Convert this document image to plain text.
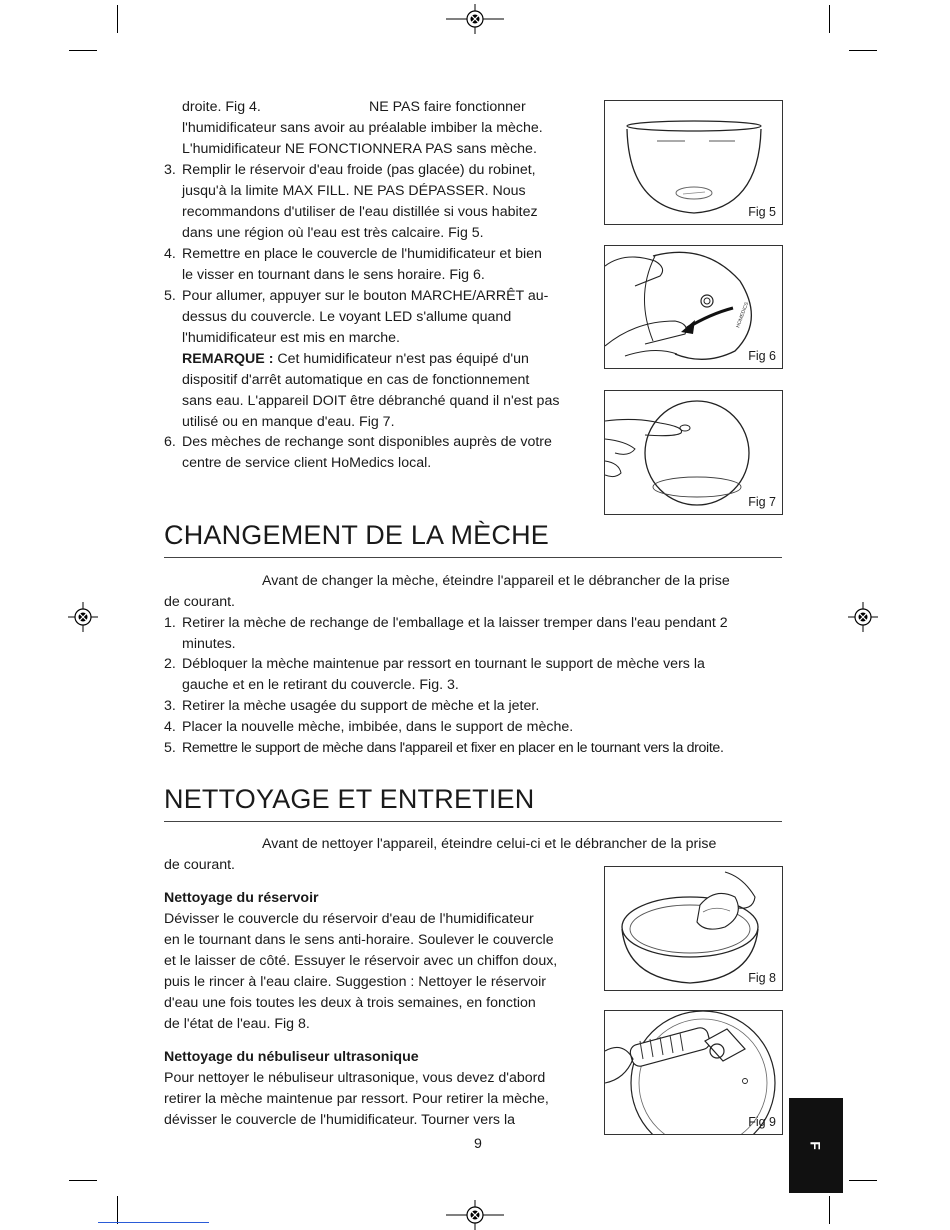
droite. Fig 4.	NE PAS faire fonctionner
l'humidificateur sans avoir au préalable imbiber la mèche.
L'humidificateur NE FONCTIONNERA PAS sans mèche.
3. Remplir le réservoir d'eau froide (pas glacée) du robinet,
jusqu'à la limite MAX FILL. NE PAS DÉPASSER. Nous
recommandons d'utiliser de l'eau distillée si vous habitez
dans une région où l'eau est très calcaire. Fig 5.
4. Remettre en place le couvercle de l'humidificateur et bien
le visser en tournant dans le sens horaire. Fig 6.
5. Pour allumer, appuyer sur le bouton MARCHE/ARRÊT au-
dessus du couvercle. Le voyant LED s'allume quand
l'humidificateur est mis en marche.
REMARQUE : Cet humidificateur n'est pas équipé d'un
dispositif d'arrêt automatique en cas de fonctionnement
sans eau. L'appareil DOIT être débranché quand il n'est pas
utilisé ou en manque d'eau. Fig 7.
6. Des mèches de rechange sont disponibles auprès de votre
centre de service client HoMedics local.
Fig 5
HOMEDICS
Fig 6
Fig 7
CHANGEMENT DE LA MÈCHE
Avant de changer la mèche, éteindre l'appareil et le débrancher de la prise
de courant.
1. Retirer la mèche de rechange de l'emballage et la laisser tremper dans l'eau pendant 2
minutes.
2. Débloquer la mèche maintenue par ressort en tournant le support de mèche vers la
gauche et en le retirant du couvercle. Fig. 3.
3. Retirer la mèche usagée du support de mèche et la jeter.
4. Placer la nouvelle mèche, imbibée, dans le support de mèche.
5. Remettre le support de mèche dans l'appareil et fixer en placer en le tournant vers la droite.
NETTOYAGE ET ENTRETIEN
Avant de nettoyer l'appareil, éteindre celui-ci et le débrancher de la prise
de courant.
Nettoyage du réservoir
Dévisser le couvercle du réservoir d'eau de l'humidificateur
en le tournant dans le sens anti-horaire. Soulever le couvercle
et le laisser de côté. Essuyer le réservoir avec un chiffon doux,
puis le rincer à l'eau claire. Suggestion : Nettoyer le réservoir
d'eau une fois toutes les deux à trois semaines, en fonction
de l'état de l'eau. Fig 8.
Nettoyage du nébuliseur ultrasonique
Pour nettoyer le nébuliseur ultrasonique, vous devez d'abord
retirer la mèche maintenue par ressort. Pour retirer la mèche,
dévisser le couvercle de l'humidificateur. Tourner vers la
Fig 8
Fig 9
9	F
